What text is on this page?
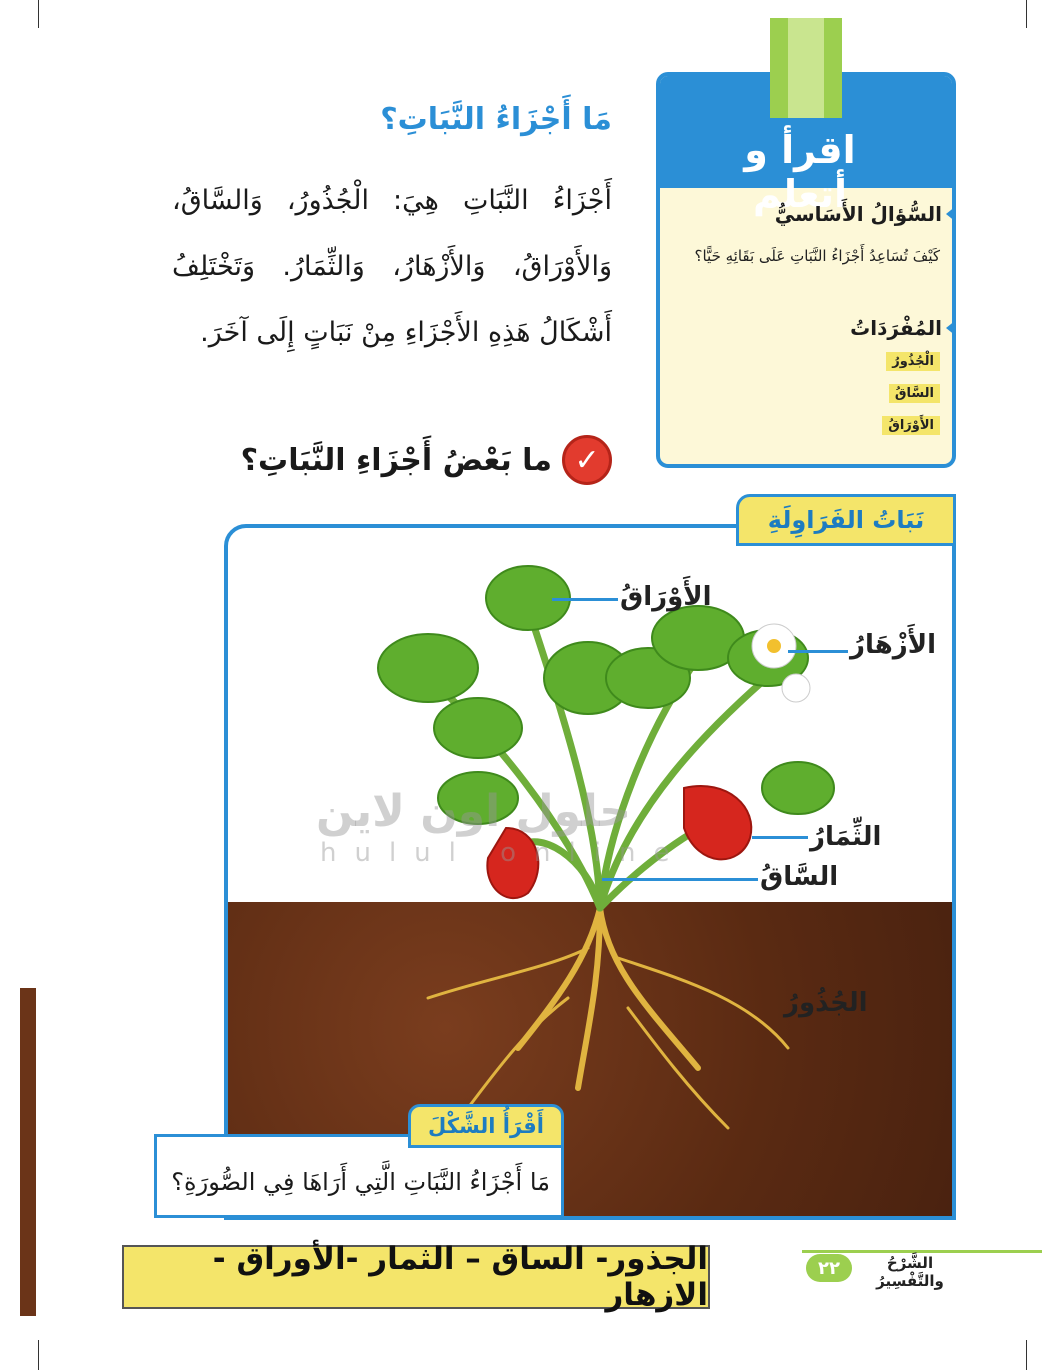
اقرأ و أتعلم
السُّؤالُ الأَسَاسيُّ
كَيْفَ تُسَاعِدُ أَجْزَاءُ النَّبَاتِ عَلَى بَقَائِهِ حَيًّا؟
المُفْرَدَاتُ
الْجُذُورُ
السَّاقُ
الأَوْرَاقُ
مَا أَجْزَاءُ النَّبَاتِ؟
أَجْزَاءُ النَّبَاتِ هِيَ: الْجُذُورُ، وَالسَّاقُ، وَالأَوْرَاقُ، وَالأَزْهَارُ، وَالثِّمَارُ. وَتَخْتَلِفُ أَشْكَالُ هَذِهِ الأَجْزَاءِ مِنْ نَبَاتٍ إِلَى آخَرَ.
✓
ما بَعْضُ أَجْزَاءِ النَّبَاتِ؟
نَبَاتُ الفَرَاوِلَةِ
الأَوْرَاقُ
الأَزْهَارُ
الثِّمَارُ
السَّاقُ
الجُذُورُ
حلول اون لاين
hulul online
أَقْرَأُ الشَّكْلَ
مَا أَجْزَاءُ النَّبَاتِ الَّتِي أَرَاهَا فِي الصُّورَةِ؟
الجذور- الساق – الثمار -الأوراق - الازهار
٢٢	الشَّرْحُ والتَّفْسِيرُ
